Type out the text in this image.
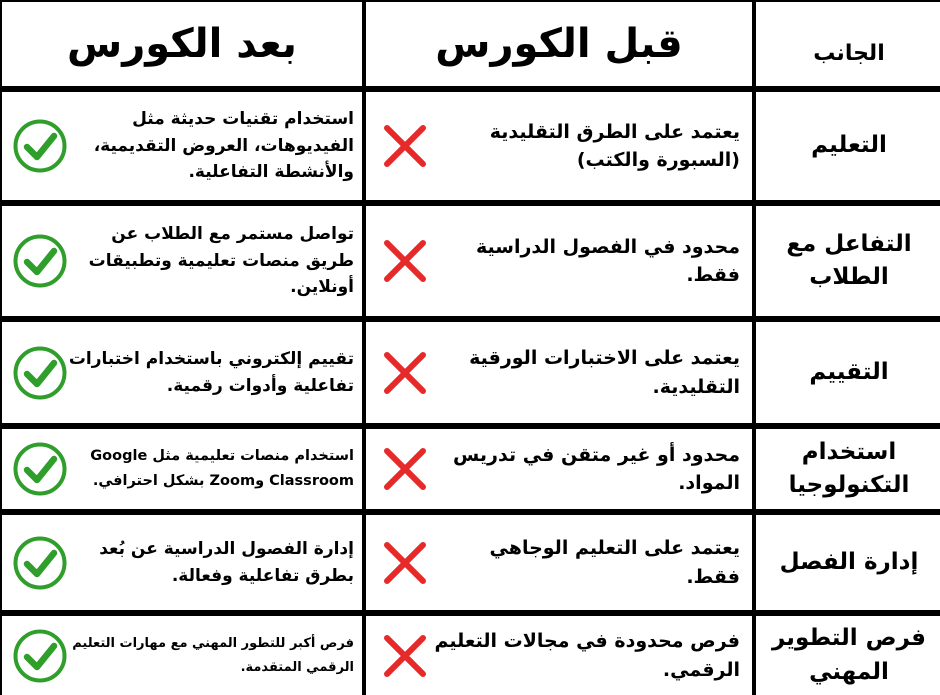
بعد الكورس	قبل الكورس	الجانب
استخدام تقنيات حديثة مثل الفيديوهات، العروض التقديمية، والأنشطة التفاعلية.
يعتمد على الطرق التقليدية (السبورة والكتب)
التعليم
تواصل مستمر مع الطلاب عن طريق منصات تعليمية وتطبيقات أونلاين.
محدود في الفصول الدراسية فقط.
التفاعل مع الطلاب
تقييم إلكتروني باستخدام اختبارات تفاعلية وأدوات رقمية.
يعتمد على الاختبارات الورقية التقليدية.
التقييم
استخدام منصات تعليمية مثل Google Classroom وZoom بشكل احترافي.
محدود أو غير متقن في تدريس المواد.
استخدام التكنولوجيا
إدارة الفصول الدراسية عن بُعد بطرق تفاعلية وفعالة.
يعتمد على التعليم الوجاهي فقط.
إدارة الفصل
فرص أكبر للتطور المهني مع مهارات التعليم الرقمي المتقدمة.
فرص محدودة في مجالات التعليم الرقمي.
فرص التطوير المهني
